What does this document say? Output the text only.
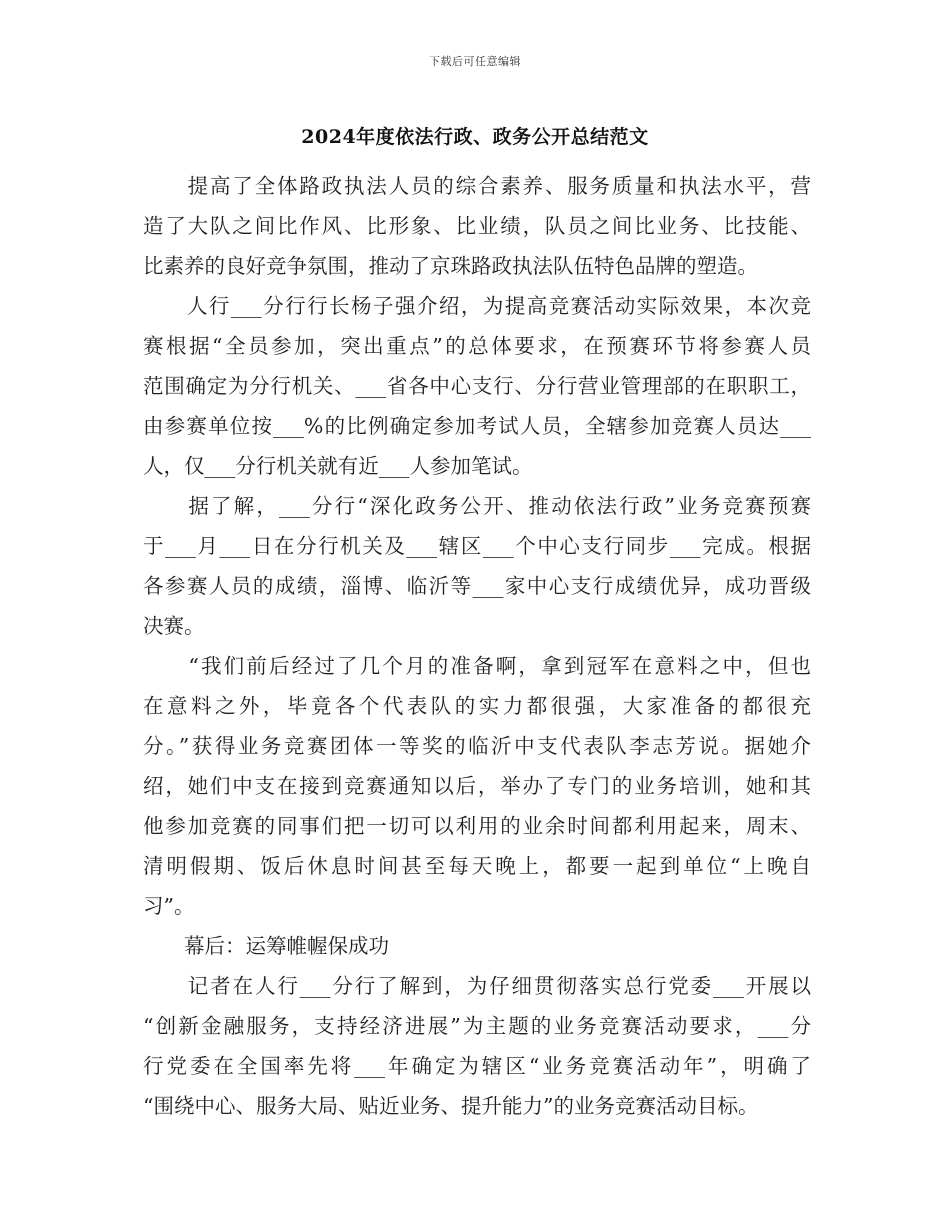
下载后可任意编辑
2024年度依法行政、政务公开总结范文
　　提高了全体路政执法人员的综合素养、服务质量和执法水平，营
造了大队之间比作风、比形象、比业绩，队员之间比业务、比技能、
比素养的良好竞争氛围，推动了京珠路政执法队伍特色品牌的塑造。
　　人行___分行行长杨子强介绍，为提高竞赛活动实际效果，本次竞
赛根据“全员参加，突出重点”的总体要求，在预赛环节将参赛人员
范围确定为分行机关、___省各中心支行、分行营业管理部的在职职工，
由参赛单位按___%的比例确定参加考试人员，全辖参加竞赛人员达___
人，仅___分行机关就有近___人参加笔试。
　　据了解，___分行“深化政务公开、推动依法行政”业务竞赛预赛
于___月___日在分行机关及___辖区___个中心支行同步___完成。根据
各参赛人员的成绩，淄博、临沂等___家中心支行成绩优异，成功晋级
决赛。
　　“我们前后经过了几个月的准备啊，拿到冠军在意料之中，但也
在意料之外，毕竟各个代表队的实力都很强，大家准备的都很充
分。”获得业务竞赛团体一等奖的临沂中支代表队李志芳说。据她介
绍，她们中支在接到竞赛通知以后，举办了专门的业务培训，她和其
他参加竞赛的同事们把一切可以利用的业余时间都利用起来，周末、
清明假期、饭后休息时间甚至每天晚上，都要一起到单位“上晚自
习”。
　　幕后：运筹帷幄保成功
　　记者在人行___分行了解到，为仔细贯彻落实总行党委___开展以
“创新金融服务，支持经济进展”为主题的业务竞赛活动要求，___分
行党委在全国率先将___年确定为辖区“业务竞赛活动年”，明确了
“围绕中心、服务大局、贴近业务、提升能力”的业务竞赛活动目标。
